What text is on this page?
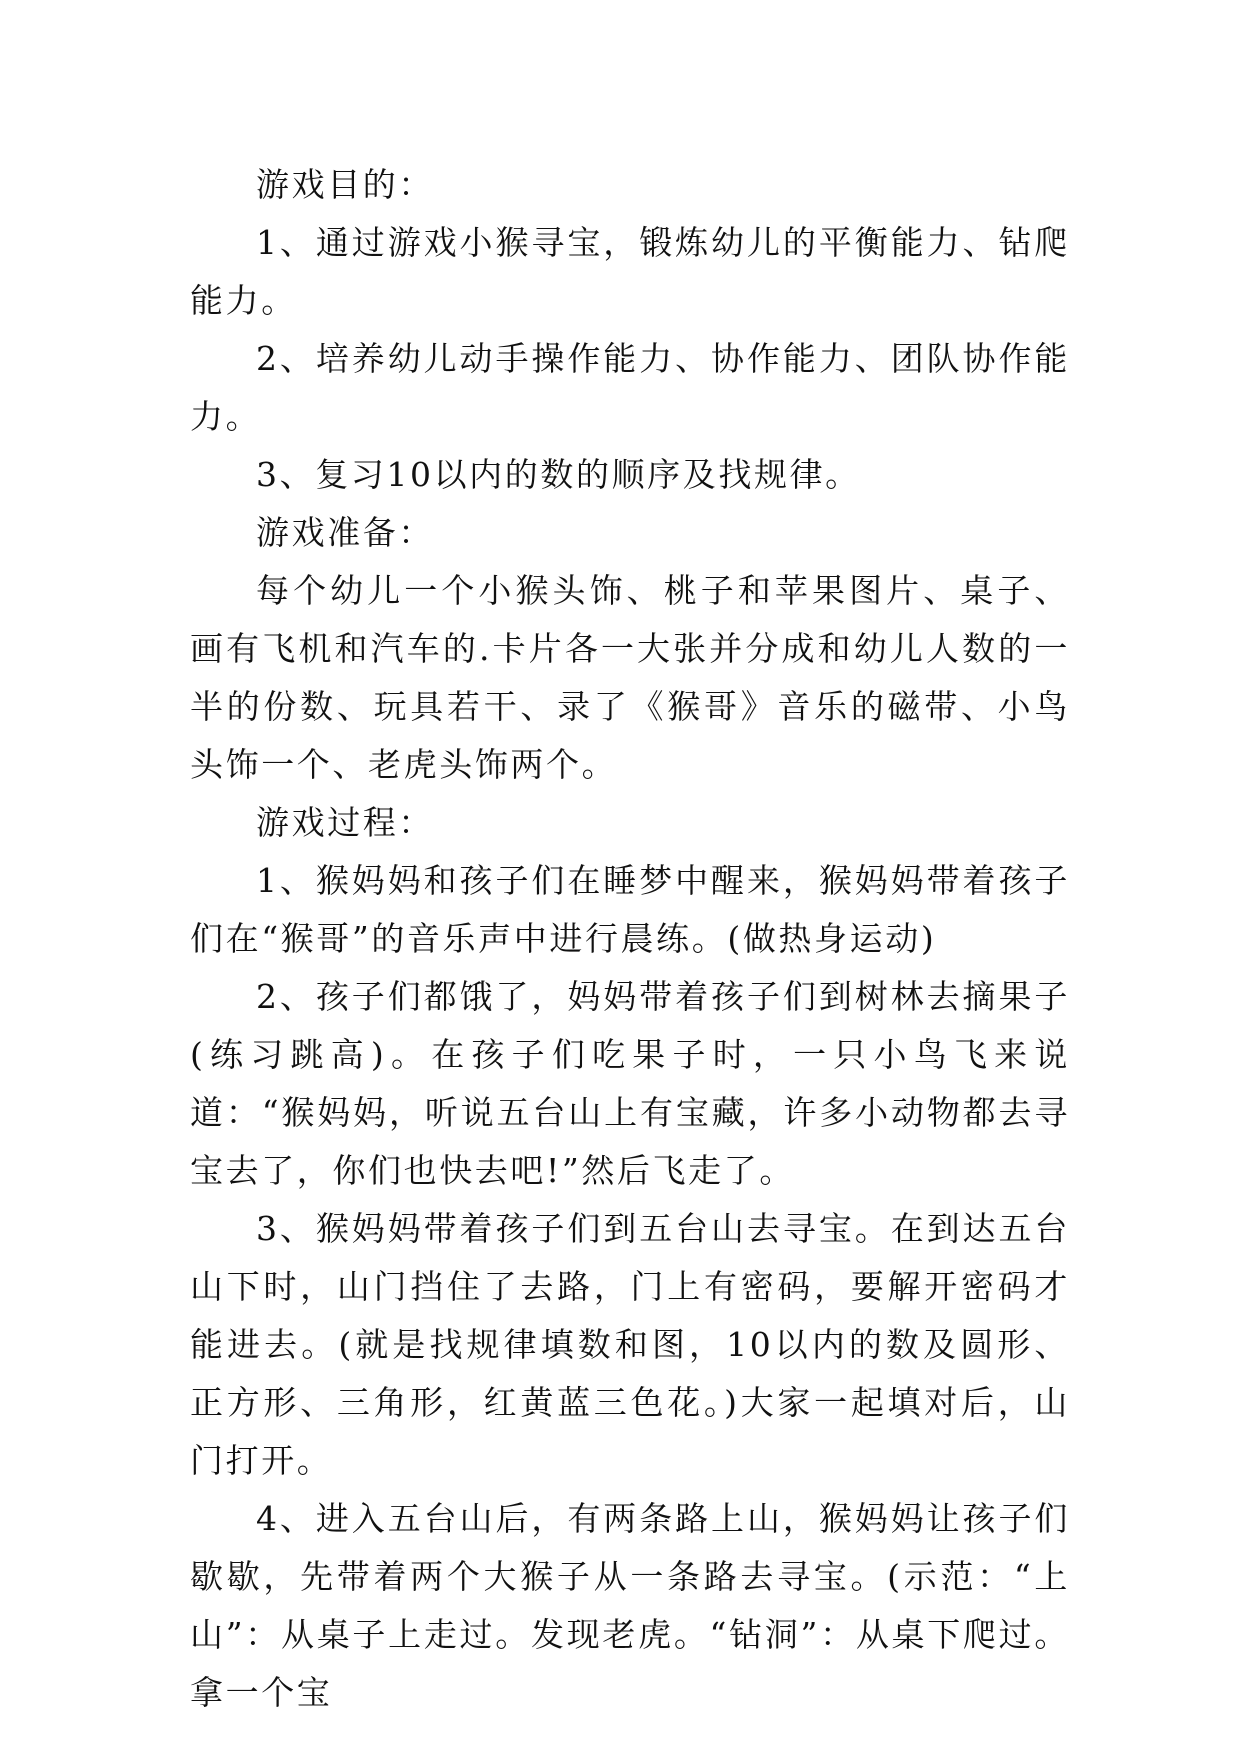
游戏目的：

1、通过游戏小猴寻宝，锻炼幼儿的平衡能力、钻爬能力。

2、培养幼儿动手操作能力、协作能力、团队协作能力。

3、复习10以内的数的顺序及找规律。

游戏准备：

每个幼儿一个小猴头饰、桃子和苹果图片、桌子、画有飞机和汽车的.卡片各一大张并分成和幼儿人数的一半的份数、玩具若干、录了《猴哥》音乐的磁带、小鸟头饰一个、老虎头饰两个。

游戏过程：

1、猴妈妈和孩子们在睡梦中醒来，猴妈妈带着孩子们在“猴哥”的音乐声中进行晨练。(做热身运动)

2、孩子们都饿了，妈妈带着孩子们到树林去摘果子(练习跳高)。在孩子们吃果子时，一只小鸟飞来说道：“猴妈妈，听说五台山上有宝藏，许多小动物都去寻宝去了，你们也快去吧!”然后飞走了。

3、猴妈妈带着孩子们到五台山去寻宝。在到达五台山下时，山门挡住了去路，门上有密码，要解开密码才能进去。(就是找规律填数和图，10以内的数及圆形、正方形、三角形，红黄蓝三色花。)大家一起填对后，山门打开。

4、进入五台山后，有两条路上山，猴妈妈让孩子们歇歇，先带着两个大猴子从一条路去寻宝。(示范：“上山”：从桌子上走过。发现老虎。“钻洞”：从桌下爬过。拿一个宝
